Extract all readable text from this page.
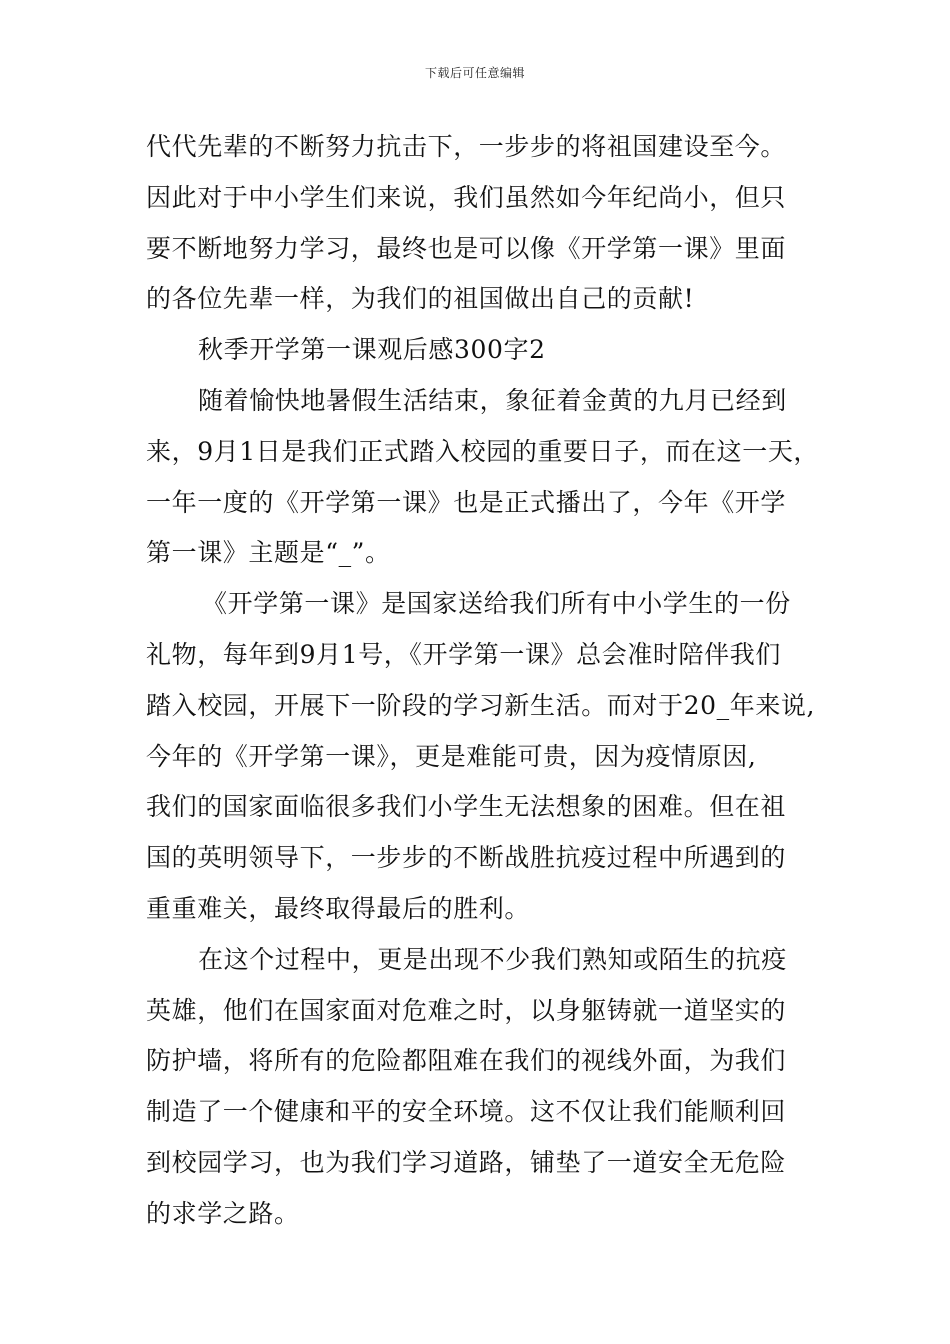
下载后可任意编辑
代代先辈的不断努力抗击下，一步步的将祖国建设至今。
因此对于中小学生们来说，我们虽然如今年纪尚小，但只
要不断地努力学习，最终也是可以像《开学第一课》里面
的各位先辈一样，为我们的祖国做出自己的贡献!
秋季开学第一课观后感300字2
随着愉快地暑假生活结束，象征着金黄的九月已经到
来，9月1日是我们正式踏入校园的重要日子，而在这一天，
一年一度的《开学第一课》也是正式播出了，今年《开学
第一课》主题是“_”。
《开学第一课》是国家送给我们所有中小学生的一份
礼物，每年到9月1号，《开学第一课》总会准时陪伴我们
踏入校园，开展下一阶段的学习新生活。而对于20_年来说,
今年的《开学第一课》，更是难能可贵，因为疫情原因,
我们的国家面临很多我们小学生无法想象的困难。但在祖
国的英明领导下，一步步的不断战胜抗疫过程中所遇到的
重重难关，最终取得最后的胜利。
在这个过程中，更是出现不少我们熟知或陌生的抗疫
英雄，他们在国家面对危难之时，以身躯铸就一道坚实的
防护墙，将所有的危险都阻难在我们的视线外面，为我们
制造了一个健康和平的安全环境。这不仅让我们能顺利回
到校园学习，也为我们学习道路，铺垫了一道安全无危险
的求学之路。
